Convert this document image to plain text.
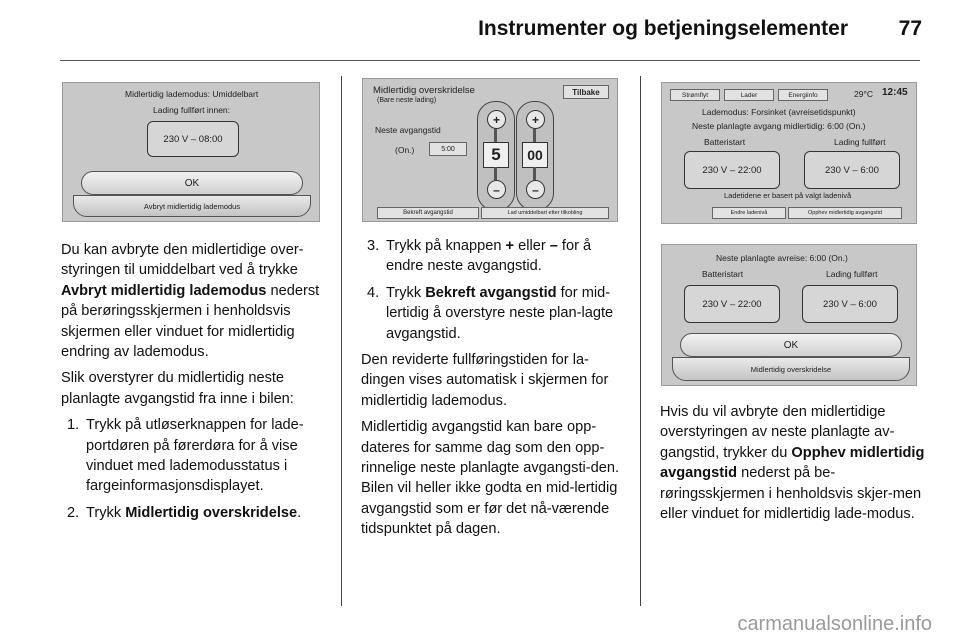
Instrumenter og betjeningselementer 77
Midlertidig lademodus: Umiddelbart
Lading fullført innen:
230 V – 08:00
OK
Avbryt midlertidig lademodus
Midlertidig overskridelse
(Bare neste lading)
Tilbake
Neste avgangstid
(On.)	5:00
+
5
–
+
00
–
Bekreft avgangstid	Lad umiddelbart etter tilkobling
Strømflyt	Lader	Energiinfo	29°C 12:45
Lademodus: Forsinket (avreisetidspunkt)
Neste planlagte avgang midlertidig: 6:00 (On.)
Batteristart	Lading fullført
230 V – 22:00	230 V – 6:00
Ladetidene er basert på valgt ladenivå
Endre ladenivå	Opphev midlertidig avgangstid
Neste planlagte avreise: 6:00 (On.)
Batteristart	Lading fullført
230 V – 22:00	230 V – 6:00
OK
Midlertidig overskridelse

Du kan avbryte den midlertidige over-styringen til umiddelbart ved å trykke Avbryt midlertidig lademodus nederst på berøringsskjermen i henholdsvis skjermen eller vinduet for midlertidig endring av lademodus.

Slik overstyrer du midlertidig neste planlagte avgangstid fra inne i bilen:

1. Trykk på utløserknappen for lade-portdøren på førerdøra for å vise vinduet med lademodusstatus i fargeinformasjonsdisplayet.
2. Trykk Midlertidig overskridelse.
3. Trykk på knappen + eller – for å endre neste avgangstid.
4. Trykk Bekreft avgangstid for mid-lertidig å overstyre neste plan-lagte avgangstid.

Den reviderte fullføringstiden for la-dingen vises automatisk i skjermen for midlertidig lademodus.

Midlertidig avgangstid kan bare opp-dateres for samme dag som den opp-rinnelige neste planlagte avgangsti-den. Bilen vil heller ikke godta en mid-lertidig avgangstid som er før det nå-værende tidspunktet på dagen.

Hvis du vil avbryte den midlertidige overstyringen av neste planlagte av-gangstid, trykker du Opphev midlertidig avgangstid nederst på be-røringsskjermen i henholdsvis skjer-men eller vinduet for midlertidig lade-modus.

carmanualsonline.info
